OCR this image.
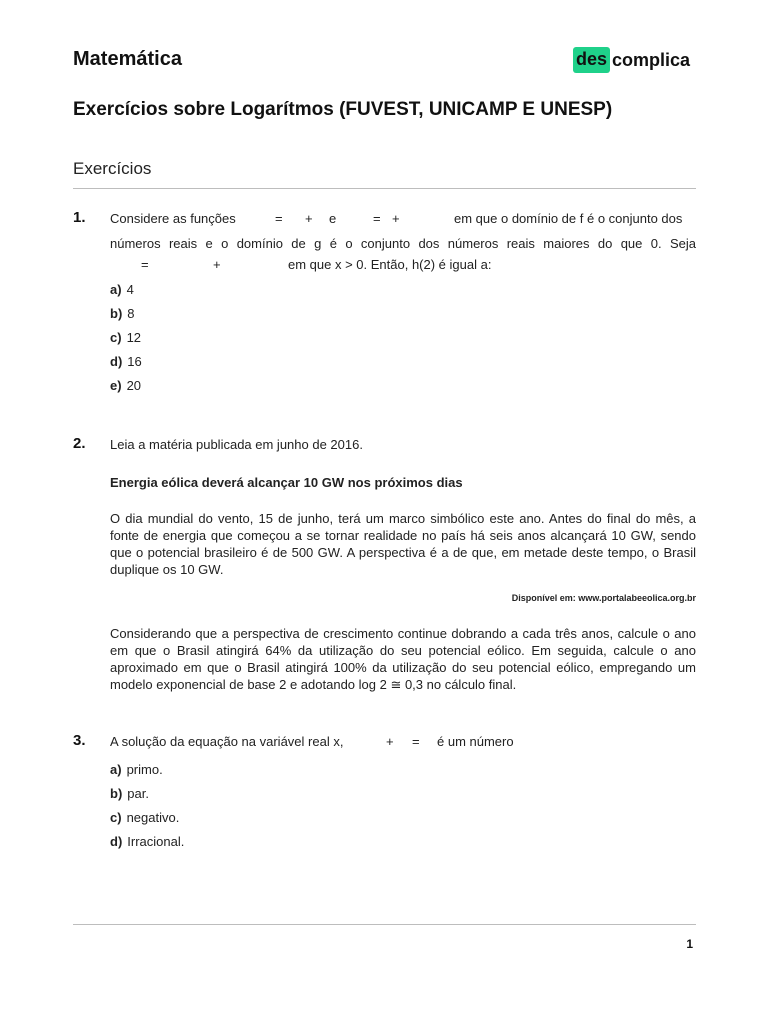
Matemática	des complica
Exercícios sobre Logarítmos (FUVEST, UNICAMP E UNESP)
Exercícios
1. Considere as funções	= + e	= +	em que o domínio de f é o conjunto dos
números reais e o domínio de g é o conjunto dos números reais maiores do que 0. Seja
=	+	em que x > 0. Então, h(2) é igual a:
a) 4
b) 8
c) 12
d) 16
e) 20
2. Leia a matéria publicada em junho de 2016.
Energia eólica deverá alcançar 10 GW nos próximos dias
O dia mundial do vento, 15 de junho, terá um marco simbólico este ano. Antes do final do mês, a fonte de energia que começou a se tornar realidade no país há seis anos alcançará 10 GW, sendo que o potencial brasileiro é de 500 GW. A perspectiva é a de que, em metade deste tempo, o Brasil duplique os 10 GW.
Disponível em: www.portalabeeolica.org.br
Considerando que a perspectiva de crescimento continue dobrando a cada três anos, calcule o ano em que o Brasil atingirá 64% da utilização do seu potencial eólico. Em seguida, calcule o ano aproximado em que o Brasil atingirá 100% da utilização do seu potencial eólico, empregando um modelo exponencial de base 2 e adotando log 2 ≅ 0,3 no cálculo final.
3. A solução da equação na variável real x,	+ = é um número
a) primo.
b) par.
c) negativo.
d) Irracional.
1
